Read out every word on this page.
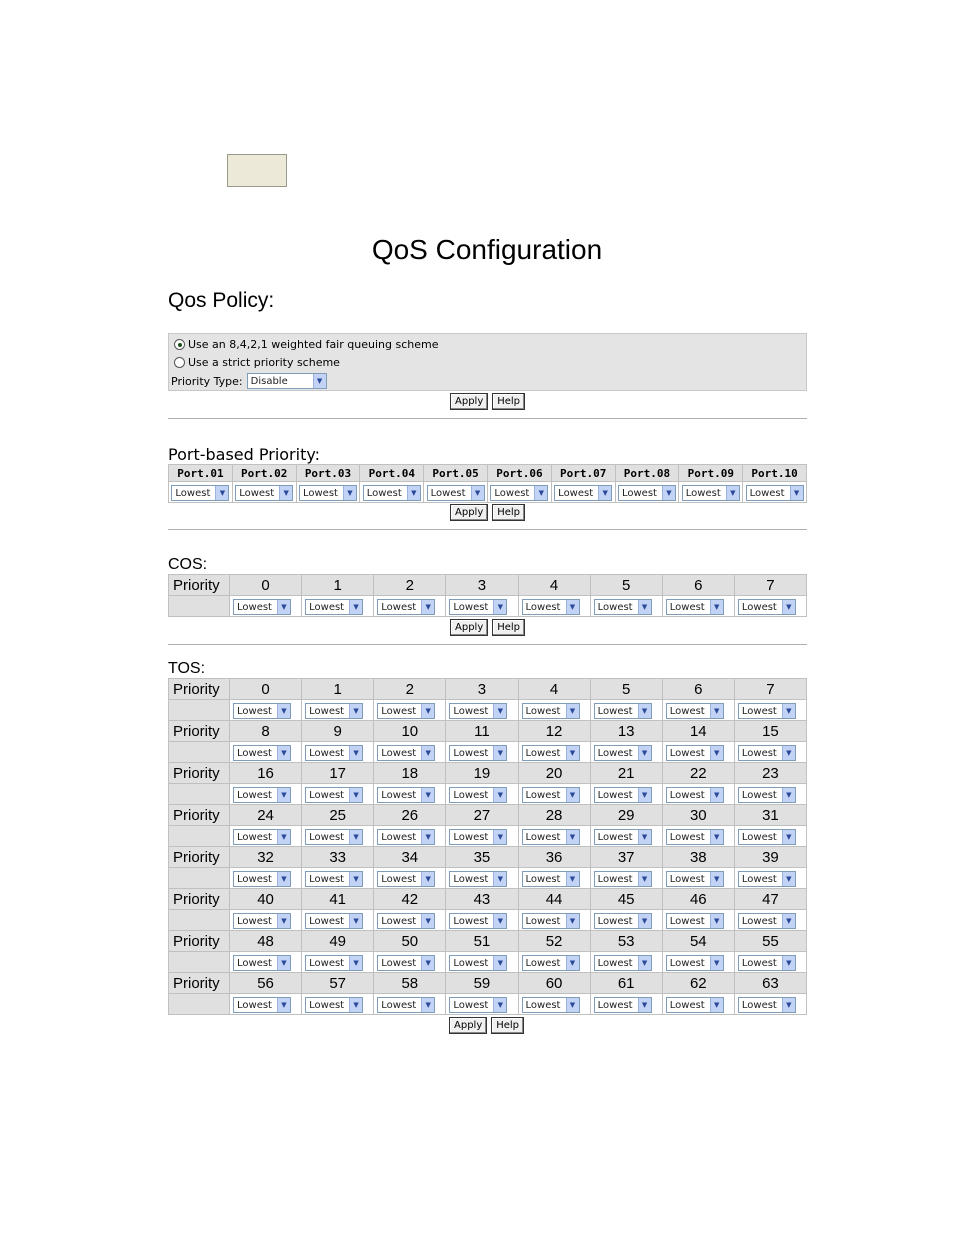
QoS Configuration
Qos Policy:
Use an 8,4,2,1 weighted fair queuing scheme
Use a strict priority scheme
Priority Type: Disable	▼
Apply	Help
Port-based Priority:
Port.01	Port.02	Port.03	Port.04	Port.05	Port.06	Port.07	Port.08	Port.09	Port.10

Lowest ▼	Lowest ▼	Lowest ▼	Lowest ▼	Lowest ▼	Lowest ▼	Lowest ▼	Lowest ▼	Lowest ▼	Lowest ▼
Apply	Help
COS:
Priority	0	1	2	3	4	5	6	7

	Lowest ▼	Lowest ▼	Lowest ▼	Lowest ▼	Lowest ▼	Lowest ▼	Lowest ▼	Lowest ▼
Apply	Help
TOS:
Priority	0	1	2	3	4	5	6	7

	Lowest ▼	Lowest ▼	Lowest ▼	Lowest ▼	Lowest ▼	Lowest ▼	Lowest ▼	Lowest ▼

Priority	8	9	10	11	12	13	14	15

	Lowest ▼	Lowest ▼	Lowest ▼	Lowest ▼	Lowest ▼	Lowest ▼	Lowest ▼	Lowest ▼

Priority	16	17	18	19	20	21	22	23

	Lowest ▼	Lowest ▼	Lowest ▼	Lowest ▼	Lowest ▼	Lowest ▼	Lowest ▼	Lowest ▼

Priority	24	25	26	27	28	29	30	31

	Lowest ▼	Lowest ▼	Lowest ▼	Lowest ▼	Lowest ▼	Lowest ▼	Lowest ▼	Lowest ▼

Priority	32	33	34	35	36	37	38	39

	Lowest ▼	Lowest ▼	Lowest ▼	Lowest ▼	Lowest ▼	Lowest ▼	Lowest ▼	Lowest ▼

Priority	40	41	42	43	44	45	46	47

	Lowest ▼	Lowest ▼	Lowest ▼	Lowest ▼	Lowest ▼	Lowest ▼	Lowest ▼	Lowest ▼

Priority	48	49	50	51	52	53	54	55

	Lowest ▼	Lowest ▼	Lowest ▼	Lowest ▼	Lowest ▼	Lowest ▼	Lowest ▼	Lowest ▼

Priority	56	57	58	59	60	61	62	63

	Lowest ▼	Lowest ▼	Lowest ▼	Lowest ▼	Lowest ▼	Lowest ▼	Lowest ▼	Lowest ▼
Apply	Help
